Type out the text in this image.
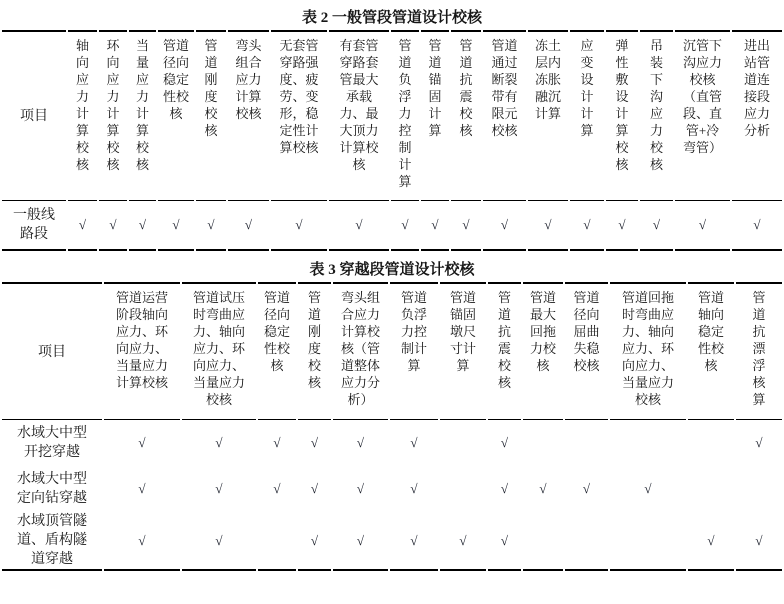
表 2 一般管段管道设计校核
项目	轴向应力计算校核	环向应力计算校核	当量应力计算校核	管道径向稳定性校核	管道刚度校核	弯头组合应力计算校核	无套管穿路强度、疲劳、变形，稳定性计算校核	有套管穿路套管最大承载力、最大顶力计算校核	管道负浮力控制计算	管道锚固计算	管道抗震校核	管道通过断裂带有限元校核	冻土层内冻胀融沉计算	应变设计计算	弹性敷设计算校核	吊装下沟应力校核	沉管下沟应力校核（直管段、直管+冷弯管）	进出站管道连接段应力分析
一般线路段	√	√	√	√	√	√	√	√	√	√	√	√	√	√	√	√	√	√
表 3 穿越段管道设计校核
项目	管道运营阶段轴向应力、环向应力、当量应力计算校核	管道试压时弯曲应力、轴向应力、环向应力、当量应力校核	管道径向稳定性校核	管道刚度校核	弯头组合应力计算校核（管道整体应力分析）	管道负浮力控制计算	管道锚固墩尺寸计算	管道抗震校核	管道最大回拖力校核	管道径向屈曲失稳校核	管道回拖时弯曲应力、轴向应力、环向应力、当量应力校核	管道轴向稳定性校核	管道抗漂浮核算
水域大中型开挖穿越	√	√	√	√	√	√		√					√
水域大中型定向钻穿越	√	√	√	√	√	√		√	√	√	√		
水域顶管隧道、盾构隧道穿越	√	√		√	√	√	√	√				√	√
